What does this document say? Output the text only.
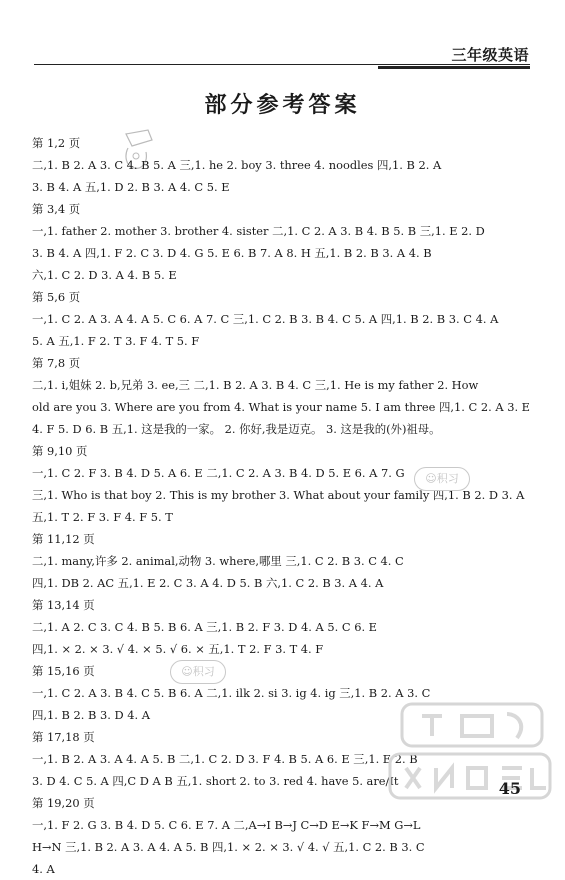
三年级英语
部分参考答案
第 1,2 页
二,1. B 2. A 3. C 4. B 5. A 三,1. he 2. boy 3. three 4. noodles 四,1. B 2. A
3. B 4. A 五,1. D 2. B 3. A 4. C 5. E
第 3,4 页
一,1. father 2. mother 3. brother 4. sister 二,1. C 2. A 3. B 4. B 5. B 三,1. E 2. D
3. B 4. A 四,1. F 2. C 3. D 4. G 5. E 6. B 7. A 8. H 五,1. B 2. B 3. A 4. B
六,1. C 2. D 3. A 4. B 5. E
第 5,6 页
一,1. C 2. A 3. A 4. A 5. C 6. A 7. C 三,1. C 2. B 3. B 4. C 5. A 四,1. B 2. B 3. C 4. A
5. A 五,1. F 2. T 3. F 4. T 5. F
第 7,8 页
二,1. i,姐妹 2. b,兄弟 3. ee,三 二,1. B 2. A 3. B 4. C 三,1. He is my father 2. How
old are you 3. Where are you from 4. What is your name 5. I am three 四,1. C 2. A 3. E
4. F 5. D 6. B 五,1. 这是我的一家。 2. 你好,我是迈克。 3. 这是我的(外)祖母。
第 9,10 页
一,1. C 2. F 3. B 4. D 5. A 6. E 二,1. C 2. A 3. B 4. D 5. E 6. A 7. G
三,1. Who is that boy 2. This is my brother 3. What about your family 四,1. B 2. D 3. A
五,1. T 2. F 3. F 4. F 5. T
第 11,12 页
二,1. many,许多 2. animal,动物 3. where,哪里 三,1. C 2. B 3. C 4. C
四,1. DB 2. AC 五,1. E 2. C 3. A 4. D 5. B 六,1. C 2. B 3. A 4. A
第 13,14 页
二,1. A 2. C 3. C 4. B 5. B 6. A 三,1. B 2. F 3. D 4. A 5. C 6. E
四,1. × 2. × 3. √ 4. × 5. √ 6. × 五,1. T 2. F 3. T 4. F
第 15,16 页
一,1. C 2. A 3. B 4. C 5. B 6. A 二,1. ilk 2. si 3. ig 4. ig 三,1. B 2. A 3. C
四,1. B 2. B 3. D 4. A
第 17,18 页
一,1. B 2. A 3. A 4. A 5. B 二,1. C 2. D 3. F 4. B 5. A 6. E 三,1. E 2. B
3. D 4. C 5. A 四,C D A B 五,1. short 2. to 3. red 4. have 5. are/It
第 19,20 页
一,1. F 2. G 3. B 4. D 5. C 6. E 7. A 二,A→I B→J C→D E→K F→M G→L
H→N 三,1. B 2. A 3. A 4. A 5. B 四,1. × 2. × 3. √ 4. √ 五,1. C 2. B 3. C
4. A
☺积习
☺积习
45
